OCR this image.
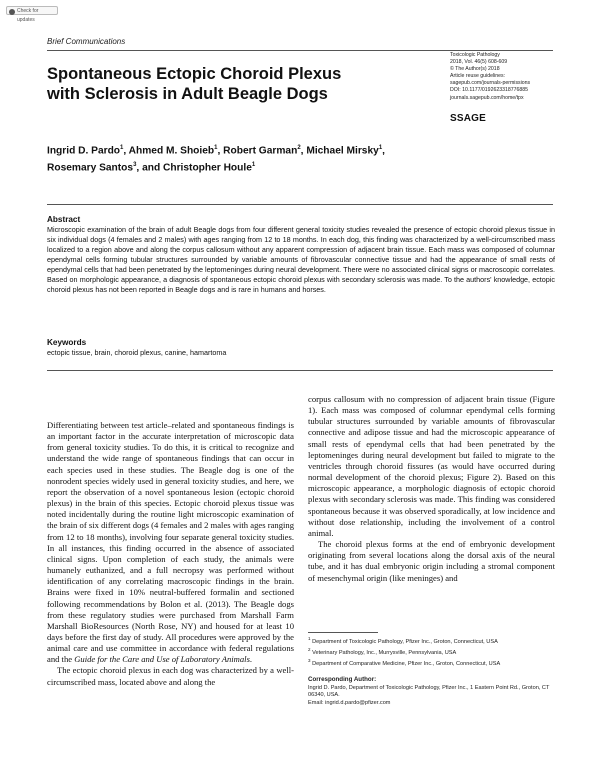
Check for updates
Brief Communications
Spontaneous Ectopic Choroid Plexus with Sclerosis in Adult Beagle Dogs
Toxicologic Pathology
2018, Vol. 46(5) 608-609
© The Author(s) 2018
Article reuse guidelines:
sagepub.com/journals-permissions
DOI: 10.1177/0192623318776885
journals.sagepub.com/home/tpx
SSAGE
Ingrid D. Pardo$^1$, Ahmed M. Shoieb$^1$, Robert Garman$^2$, Michael Mirsky$^1$,
Rosemary Santos$^3$, and Christopher Houle$^1$
Abstract
Microscopic examination of the brain of adult Beagle dogs from four different general toxicity studies revealed the presence of ectopic choroid plexus tissue in six individual dogs (4 females and 2 males) with ages ranging from 12 to 18 months. In each dog, this finding was characterized by a well-circumscribed mass localized to a region above and along the corpus callosum without any apparent compression of adjacent brain tissue. Each mass was composed of columnar ependymal cells forming tubular structures surrounded by variable amounts of fibrovascular connective tissue and had the appearance of small rests of ependymal cells that had been penetrated by the leptomeninges during neural development. There were no associated clinical signs or macroscopic correlates. Based on morphologic appearance, a diagnosis of spontaneous ectopic choroid plexus with secondary sclerosis was made. To the authors' knowledge, ectopic choroid plexus has not been reported in Beagle dogs and is rare in humans and horses.
Keywords
ectopic tissue, brain, choroid plexus, canine, hamartoma

Differentiating between test article–related and spontaneous findings is an important factor in the accurate interpretation of microscopic data from general toxicity studies. To do this, it is critical to recognize and understand the wide range of spontaneous findings that can occur in each species used in these studies. The Beagle dog is one of the nonrodent species widely used in general toxicity studies, and here, we report the observation of a novel spontaneous lesion (ectopic choroid plexus) in the brain of this species. Ectopic choroid plexus tissue was noted incidentally during the routine light microscopic examination of the brain of six different dogs (4 females and 2 males with ages ranging from 12 to 18 months), involving four separate general toxicity studies. In all instances, this finding occurred in the absence of associated clinical signs. Upon completion of each study, the animals were humanely euthanized, and a full necropsy was performed without identification of any correlating macroscopic findings in the brain. Brains were fixed in 10% neutral-buffered formalin and sectioned following recommendations by Bolon et al. (2013). The Beagle dogs from these regulatory studies were purchased from Marshall Farm Marshall BioResources (North Rose, NY) and housed for at least 10 days before the first day of study. All procedures were approved by the animal care and use committee in accordance with federal regulations and the Guide for the Care and Use of Laboratory Animals.

The ectopic choroid plexus in each dog was characterized by a well-circumscribed mass, located above and along the

corpus callosum with no compression of adjacent brain tissue (Figure 1). Each mass was composed of columnar ependymal cells forming tubular structures surrounded by variable amounts of fibrovascular connective and adipose tissue and had the microscopic appearance of small rests of ependymal cells that had been penetrated by the leptomeninges during neural development but failed to migrate to the ventricles through choroid fissures (as would have occurred during normal development of the choroid plexus; Figure 2). Based on this microscopic appearance, a morphologic diagnosis of ectopic choroid plexus with secondary sclerosis was made. This finding was considered spontaneous because it was observed sporadically, at low incidence and without dose relationship, including the involvement of a control animal.

The choroid plexus forms at the end of embryonic development originating from several locations along the dorsal axis of the neural tube, and it has dual embryonic origin including a stromal component of mesenchymal origin (like meninges) and

$^1$ Department of Toxicologic Pathology, Pfizer Inc., Groton, Connecticut, USA
$^2$ Veterinary Pathology, Inc., Murrysville, Pennsylvania, USA
$^3$ Department of Comparative Medicine, Pfizer Inc., Groton, Connecticut, USA
Corresponding Author:
Ingrid D. Pardo, Department of Toxicologic Pathology, Pfizer Inc., 1 Eastern Point Rd., Groton, CT 06340, USA.
Email: ingrid.d.pardo@pfizer.com
